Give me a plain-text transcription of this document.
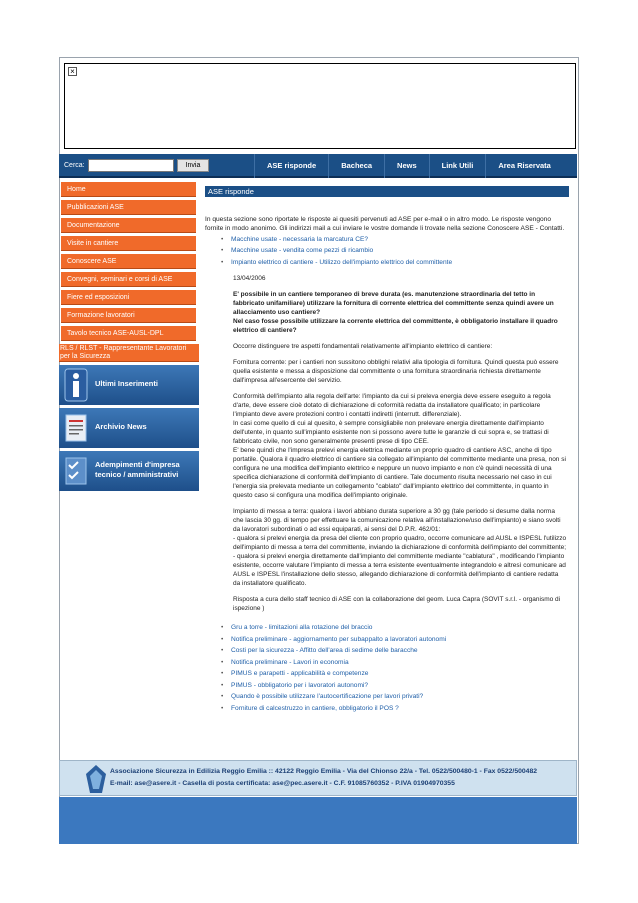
×
Cerca:	Invia	ASE risponde	Bacheca	News	Link Utili	Area Riservata
Home
Pubblicazioni ASE
Documentazione
Visite in cantiere
Conoscere ASE
Convegni, seminari e corsi di ASE
Fiere ed esposizioni
Formazione lavoratori
Tavolo tecnico ASE-AUSL-DPL
RLS / RLST - Rappresentante Lavoratori
per la Sicurezza
Ultimi Inserimenti
Archivio News
Adempimenti d'impresa
tecnico / amministrativi
ASE risponde

In questa sezione sono riportate le risposte ai quesiti pervenuti ad ASE per e-mail o in altro modo. Le risposte vengono fornite in modo anonimo. Gli indirizzi mail a cui inviare le vostre domande li trovate nella sezione Conoscere ASE - Contatti.

• Macchine usate - necessaria la marcatura CE?
• Macchine usate - vendita come pezzi di ricambio
• Impianto elettrico di cantiere - Utilizzo dell'impianto elettrico del committente

13/04/2006

E' possibile in un cantiere temporaneo di breve durata (es. manutenzione straordinaria del tetto in fabbricato unifamiliare) utilizzare la fornitura di corrente elettrica del committente senza quindi avere un allacciamento uso cantiere?
Nel caso fosse possibile utilizzare la corrente elettrica del committente, è obbligatorio installare il quadro elettrico di cantiere?

Occorre distinguere tre aspetti fondamentali relativamente all'impianto elettrico di cantiere:

Fornitura corrente: per i cantieri non sussitono obblighi relativi alla tipologia di fornitura. Quindi questa può essere quella esistente e messa a disposizione dal committente o una fornitura straordinaria richiesta direttamente dall'impresa all'esercente del servizio.

Conformità dell'impianto alla regola dell'arte: l'impianto da cui si preleva energia deve essere eseguito a regola d'arte, deve essere cioè dotato di dichiarazione di coformità redatta da installatore qualificato; in particolare l'impianto deve avere protezioni contro i contatti indiretti (interrutt. differenziale).
In casi come quello di cui al quesito, è sempre consigliabile non prelevare energia direttamente dall'impianto dell'utente, in quanto sull'impianto esistente non si possono avere tutte le garanzie di cui sopra e, se trattasi di fabbricato civile, non sono generalmente presenti prese di tipo CEE.
E' bene quindi che l'impresa prelevi energia elettrica mediante un proprio quadro di cantiere ASC, anche di tipo portatile. Qualora il quadro elettrico di cantiere sia collegato all'impianto del committente mediante una presa, non si configura ne una modifica dell'impianto elettrico e neppure un nuovo impianto e non c'è quindi necessità di una specifica dichiarazione di conformità dell'impianto di cantiere. Tale documento risulta necessario nel caso in cui l'energia sia prelevata mediante un collegamento "cablato" dall'impianto elettrico del committente, in quanto in questo caso si configura una modifica dell'impianto originale.

Impianto di messa a terra: qualora i lavori abbiano durata superiore a 30 gg (tale periodo si desume dalla norma che lascia 30 gg. di tempo per effettuare la comunicazione relativa all'installazione/uso dell'impianto) e siano svolti da lavoratori subordinati o ad essi equiparati, ai sensi del D.P.R. 462/01:
- qualora si prelevi energia da presa del cliente con proprio quadro, occorre comunicare ad AUSL e ISPESL l'utilizzo dell'impianto di messa a terra del committente, inviando la dichiarazione di conformità dell'impianto del committente;
- qualora si prelevi energia direttamente dall'impianto del committente mediante "cablatura" , modificando l'impianto esistente, occorre valutare l'impianto di messa a terra esistente eventualmente integrandolo e altresì comunicare ad AUSL e ISPESL l'installazione dello stesso, allegando dichiarazione di conformità dell'impianto di cantiere redatta da installatore qualificato.

Risposta a cura dello staff tecnico di ASE con la collaborazione del geom. Luca Capra (SOVIT s.r.l. - organismo di ispezione )

• Gru a torre - limitazioni alla rotazione del braccio
• Notifica preliminare - aggiornamento per subappalto a lavoratori autonomi
• Costi per la sicurezza - Affitto dell'area di sedime delle baracche
• Notifica preliminare - Lavori in economia
• PIMUS e parapetti - applicabilità e competenze
• PIMUS - obbligatorio per i lavoratori autonomi?
• Quando è possibile utilizzare l'autocertificazione per lavori privati?
• Forniture di calcestruzzo in cantiere, obbligatorio il POS ?
Associazione Sicurezza in Edilizia Reggio Emilia :: 42122 Reggio Emilia - Via del Chionso 22/a - Tel. 0522/500480-1 - Fax 0522/500482
E-mail: ase@asere.it - Casella di posta certificata: ase@pec.asere.it - C.F. 91085760352 - P.IVA 01904970355
